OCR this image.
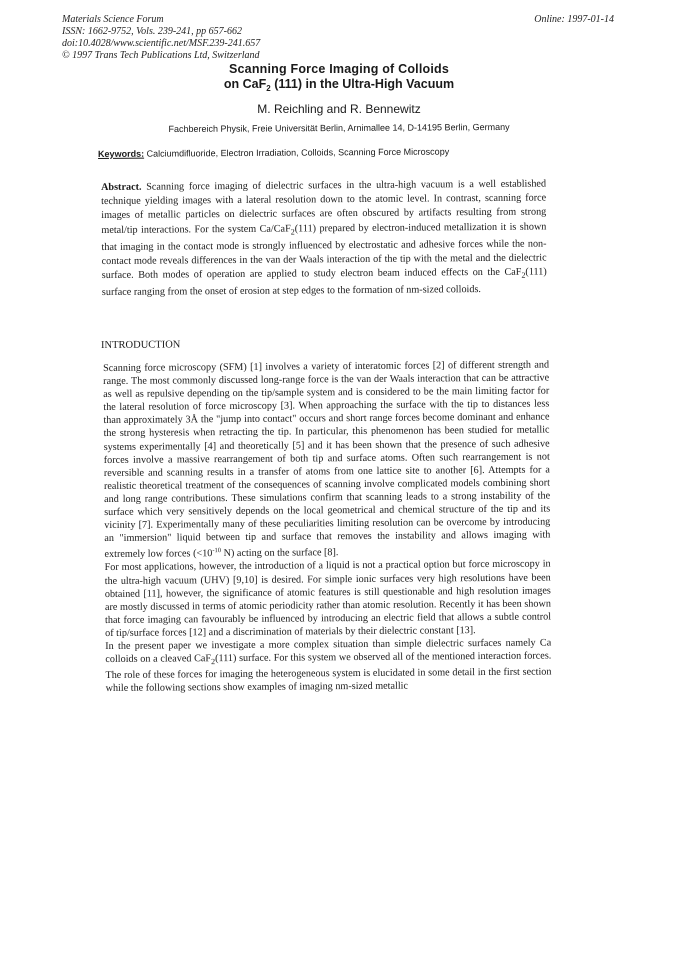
Materials Science Forum
ISSN: 1662-9752, Vols. 239-241, pp 657-662
doi:10.4028/www.scientific.net/MSF.239-241.657
© 1997 Trans Tech Publications Ltd, Switzerland
Online: 1997-01-14
Scanning Force Imaging of Colloids
on CaF$_2$ (111) in the Ultra-High Vacuum
M. Reichling and R. Bennewitz
Fachbereich Physik, Freie Universität Berlin, Arnimallee 14, D-14195 Berlin, Germany
Keywords: Calciumdifluoride, Electron Irradiation, Colloids, Scanning Force Microscopy
Abstract. Scanning force imaging of dielectric surfaces in the ultra-high vacuum is a well established technique yielding images with a lateral resolution down to the atomic level. In contrast, scanning force images of metallic particles on dielectric surfaces are often obscured by artifacts resulting from strong metal/tip interactions. For the system Ca/CaF$_2$(111) prepared by electron-induced metallization it is shown that imaging in the contact mode is strongly influenced by electrostatic and adhesive forces while the non-contact mode reveals differences in the van der Waals interaction of the tip with the metal and the dielectric surface. Both modes of operation are applied to study electron beam induced effects on the CaF$_2$(111) surface ranging from the onset of erosion at step edges to the formation of nm-sized colloids.
INTRODUCTION

Scanning force microscopy (SFM) [1] involves a variety of interatomic forces [2] of different strength and range. The most commonly discussed long-range force is the van der Waals interaction that can be attractive as well as repulsive depending on the tip/sample system and is considered to be the main limiting factor for the lateral resolution of force microscopy [3]. When approaching the surface with the tip to distances less than approximately 3Å the "jump into contact" occurs and short range forces become dominant and enhance the strong hysteresis when retracting the tip. In particular, this phenomenon has been studied for metallic systems experimentally [4] and theoretically [5] and it has been shown that the presence of such adhesive forces involve a massive rearrangement of both tip and surface atoms. Often such rearrangement is not reversible and scanning results in a transfer of atoms from one lattice site to another [6]. Attempts for a realistic theoretical treatment of the consequences of scanning involve complicated models combining short and long range contributions. These simulations confirm that scanning leads to a strong instability of the surface which very sensitively depends on the local geometrical and chemical structure of the tip and its vicinity [7]. Experimentally many of these peculiarities limiting resolution can be overcome by introducing an "immersion" liquid between tip and surface that removes the instability and allows imaging with extremely low forces ($<10^{-10}$ N) acting on the surface [8].

For most applications, however, the introduction of a liquid is not a practical option but force microscopy in the ultra-high vacuum (UHV) [9,10] is desired. For simple ionic surfaces very high resolutions have been obtained [11], however, the significance of atomic features is still questionable and high resolution images are mostly discussed in terms of atomic periodicity rather than atomic resolution. Recently it has been shown that force imaging can favourably be influenced by introducing an electric field that allows a subtle control of tip/surface forces [12] and a discrimination of materials by their dielectric constant [13].

In the present paper we investigate a more complex situation than simple dielectric surfaces namely Ca colloids on a cleaved CaF$_2$(111) surface. For this system we observed all of the mentioned interaction forces. The role of these forces for imaging the heterogeneous system is elucidated in some detail in the first section while the following sections show examples of imaging nm-sized metallic
